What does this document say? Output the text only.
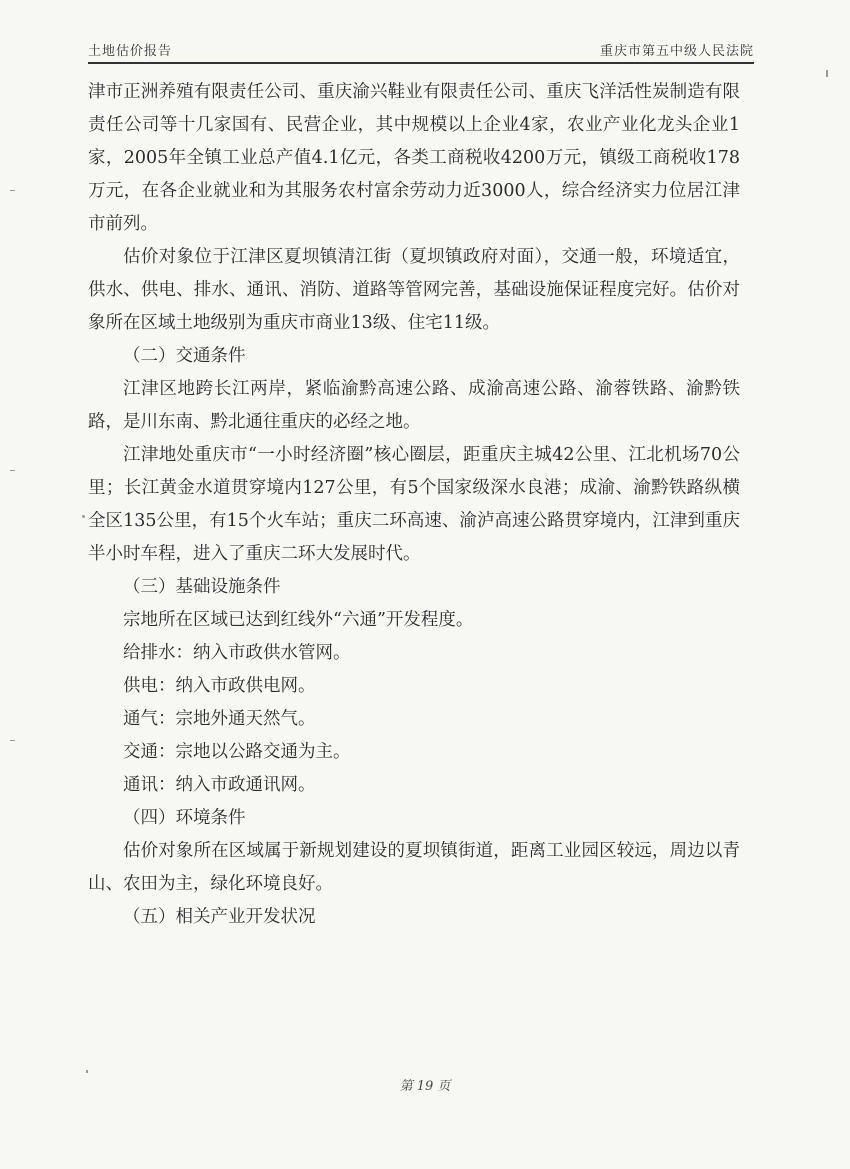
土地估价报告	重庆市第五中级人民法院

津市正洲养殖有限责任公司、重庆渝兴鞋业有限责任公司、重庆飞洋活性炭制造有限责任公司等十几家国有、民营企业，其中规模以上企业4家，农业产业化龙头企业1家，2005年全镇工业总产值4.1亿元，各类工商税收4200万元，镇级工商税收178万元，在各企业就业和为其服务农村富余劳动力近3000人，综合经济实力位居江津市前列。

估价对象位于江津区夏坝镇清江街（夏坝镇政府对面），交通一般，环境适宜，供水、供电、排水、通讯、消防、道路等管网完善，基础设施保证程度完好。估价对象所在区域土地级别为重庆市商业13级、住宅11级。

（二）交通条件

江津区地跨长江两岸，紧临渝黔高速公路、成渝高速公路、渝蓉铁路、渝黔铁路，是川东南、黔北通往重庆的必经之地。

江津地处重庆市“一小时经济圈”核心圈层，距重庆主城42公里、江北机场70公里；长江黄金水道贯穿境内127公里，有5个国家级深水良港；成渝、渝黔铁路纵横全区135公里，有15个火车站；重庆二环高速、渝泸高速公路贯穿境内，江津到重庆半小时车程，进入了重庆二环大发展时代。

（三）基础设施条件

宗地所在区域已达到红线外“六通”开发程度。

给排水：纳入市政供水管网。

供电：纳入市政供电网。

通气：宗地外通天然气。

交通：宗地以公路交通为主。

通讯：纳入市政通讯网。

（四）环境条件

估价对象所在区域属于新规划建设的夏坝镇街道，距离工业园区较远，周边以青山、农田为主，绿化环境良好。

（五）相关产业开发状况

第 19 页
